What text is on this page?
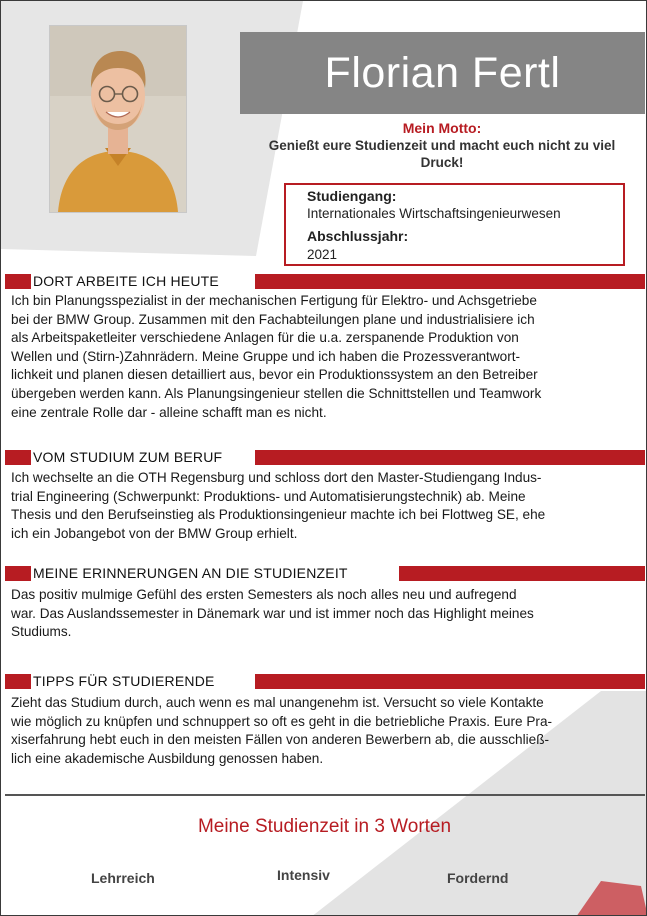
Florian Fertl
Mein Motto:
Genießt eure Studienzeit und macht euch nicht zu viel
Druck!
Studiengang:
Internationales Wirtschaftsingenieurwesen
Abschlussjahr:
2021
DORT ARBEITE ICH HEUTE
Ich bin Planungsspezialist in der mechanischen Fertigung für Elektro- und Achsgetriebe
bei der BMW Group. Zusammen mit den Fachabteilungen plane und industrialisiere ich
als Arbeitspaketleiter verschiedene Anlagen für die u.a. zerspanende Produktion von
Wellen und (Stirn-)Zahnrädern. Meine Gruppe und ich haben die Prozessverantwort-
lichkeit und planen diesen detailliert aus, bevor ein Produktionssystem an den Betreiber
übergeben werden kann. Als Planungsingenieur stellen die Schnittstellen und Teamwork
eine zentrale Rolle dar - alleine schafft man es nicht.
VOM STUDIUM ZUM BERUF
Ich wechselte an die OTH Regensburg und schloss dort den Master-Studiengang Indus-
trial Engineering (Schwerpunkt: Produktions- und Automatisierungstechnik) ab. Meine
Thesis und den Berufseinstieg als Produktionsingenieur machte ich bei Flottweg SE, ehe
ich ein Jobangebot von der BMW Group erhielt.
MEINE ERINNERUNGEN AN DIE STUDIENZEIT
Das positiv mulmige Gefühl des ersten Semesters als noch alles neu und aufregend
war. Das Auslandssemester in Dänemark war und ist immer noch das Highlight meines
Studiums.
TIPPS FÜR STUDIERENDE
Zieht das Studium durch, auch wenn es mal unangenehm ist. Versucht so viele Kontakte
wie möglich zu knüpfen und schnuppert so oft es geht in die betriebliche Praxis. Eure Pra-
xiserfahrung hebt euch in den meisten Fällen von anderen Bewerbern ab, die ausschließ-
lich eine akademische Ausbildung genossen haben.
Meine Studienzeit in 3 Worten
Lehrreich	Intensiv	Fordernd
